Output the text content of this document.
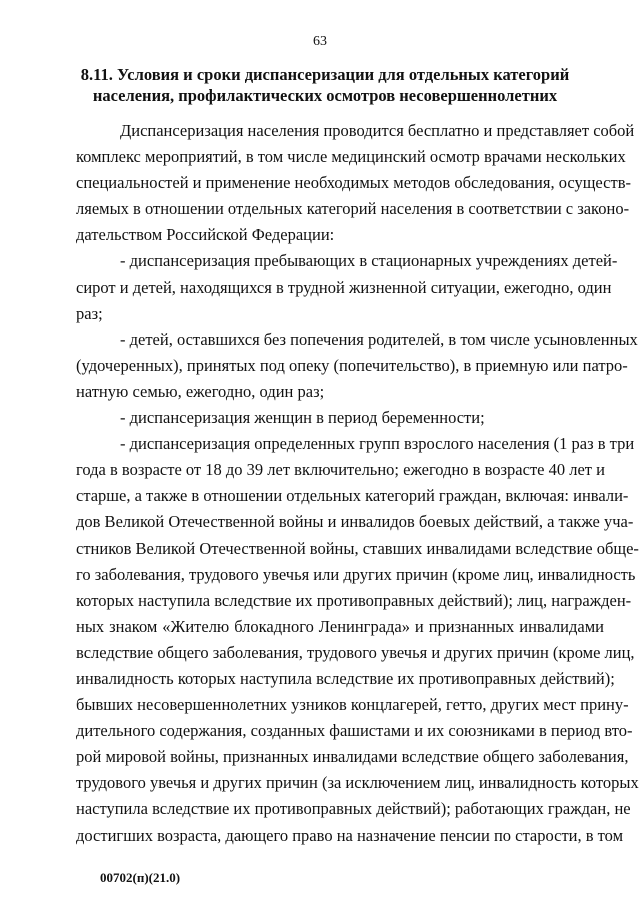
63
8.11. Условия и сроки диспансеризации для отдельных категорий
населения, профилактических осмотров несовершеннолетних
Диспансеризация населения проводится бесплатно и представляет собой
комплекс мероприятий, в том числе медицинский осмотр врачами нескольких
специальностей и применение необходимых методов обследования, осуществ-
ляемых в отношении отдельных категорий населения в соответствии с законо-
дательством Российской Федерации:
- диспансеризация пребывающих в стационарных учреждениях детей-
сирот и детей, находящихся в трудной жизненной ситуации, ежегодно, один
раз;
- детей, оставшихся без попечения родителей, в том числе усыновленных
(удочеренных), принятых под опеку (попечительство), в приемную или патро-
натную семью, ежегодно, один раз;
- диспансеризация женщин в период беременности;
- диспансеризация определенных групп взрослого населения (1 раз в три
года в возрасте от 18 до 39 лет включительно; ежегодно в возрасте 40 лет и
старше, а также в отношении отдельных категорий граждан, включая: инвали-
дов Великой Отечественной войны и инвалидов боевых действий, а также уча-
стников Великой Отечественной войны, ставших инвалидами вследствие обще-
го заболевания, трудового увечья или других причин (кроме лиц, инвалидность
которых наступила вследствие их противоправных действий); лиц, награжден-
ных знаком «Жителю блокадного Ленинграда» и признанных инвалидами
вследствие общего заболевания, трудового увечья и других причин (кроме лиц,
инвалидность которых наступила вследствие их противоправных действий);
бывших несовершеннолетних узников концлагерей, гетто, других мест прину-
дительного содержания, созданных фашистами и их союзниками в период вто-
рой мировой войны, признанных инвалидами вследствие общего заболевания,
трудового увечья и других причин (за исключением лиц, инвалидность которых
наступила вследствие их противоправных действий); работающих граждан, не
достигших возраста, дающего право на назначение пенсии по старости, в том
00702(п)(21.0)
